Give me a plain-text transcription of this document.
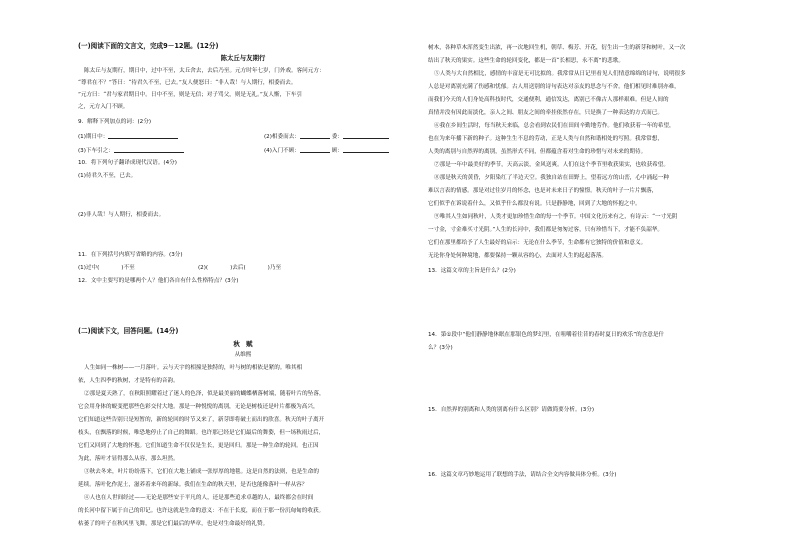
(一)阅读下面的文言文，完成9－12题。(12分)
陈太丘与友期行
陈太丘与友期行，期日中，过中不至，太丘舍去，去后乃至。元方时年七岁，门外戏。客问元方：
“尊君在不？”答曰：“待君久不至，已去。”友人便怒曰：“非人哉！与人期行，相委而去。
”元方曰：“君与家君期日中。日中不至，则是无信；对子骂父，则是无礼。”友人惭，下车引
之，元方入门不顾。
9．解释下列加点的词：(2分)
(1)期日中：	(2)相委而去：	委：
(3)下车引之：	(4)入门不顾：	顾：
10．将下列句子翻译成现代汉语。(4分)
(1)待君久不至，已去。
(2)非人哉！与人期行，相委而去。
11．在下列括号内填写省略的内容。(3分)
(1)过中(	)不至	(2)(	)去后(	)乃至
12．文中主要写的是哪两个人？他们各自有什么性格特点？(3分)
(二)阅读下文，回答问题。(14分)
秋　赋
从维熙
人生如同一株树——一月落叶。云与天宇的相撞是独特的，叶与树的相依是紧的。唯其相
依，人生四季的秋树，才是特有的音韵。
②那是夏天熟了，在秋阳照耀着过了迷人的色泽，似是最美丽的蝴蝶栖落树端，随着叶片的坠落，
它会用身体的蜕变把那些色彩交付大地。那是一种悦悦的离别，无论是树枝还是叶片都极为高兴，
它们知道这些告别只是短暂的，新的轮回的时节又来了，新芽即将破土而出的欣喜。秋天的叶子离开
枝头，在飘落的时候，唯恐地停止了自己的舞蹈。也许那已经是它们最后的舞姿，但一场秋雨过后，
它们又回到了大地的怀抱。它们知道生命不仅仅是生长，更是回归。那是一种生命的轮回。也正因
为此，落叶才显得那么从容，那么坦然。
③秋去冬来，叶片纷纷落下，它们在大地上铺成一张厚厚的地毯。这是自然的法则，也是生命的
延续。落叶化作泥土，滋养着来年的新绿。我们在生命的秋天里，是否也能像落叶一样从容？
④人也在人世间经过——无论是那些安于平凡的人，还是那些追求卓越的人，最终都会在时间
的长河中留下属于自己的印记。也许这就是生命的意义：不在于长度，而在于那一份沉甸甸的收获。
枯萎了的叶子在秋风里飞舞，那是它们最后的华章，也是对生命最好的礼赞。
树木，各种草木浑然变生出浓，再一次地回生机，朝草、梅芳、开花，衍生出一生的新芽和树叶，又一次
结出了秋天的果实。这些生命的轮回变化，都是一首“长相思，永不离”的悲歌。
⑤人类与大自然相比，感情的丰富是无可比拟的。我常常从日记里看见人们情意绵绵的诗句，说明很多
人总是对离别充满了伤感和忧郁。古人用送别的诗句表达对亲友的思念与不舍。他们相见时难别亦难，
而我们今天的人们身处高科技时代，交通便利，通信发达，离别已不像古人那样艰难。但是人间的
真情并没有因此而淡化，亲人之间、朋友之间的牵挂依然存在，只是换了一种表达的方式而已。
⑥我在乡间生活时，每当秋天来临，总会看到农民们在田间辛勤地劳作。他们收获着一年的希望，
也在为来年播下新的种子。这种生生不息的劳动，正是人类与自然和谐相处的写照。我常常想，
人类的离别与自然界的离别，虽然形式不同，但都蕴含着对生命的珍惜与对未来的期待。
⑦那是一年中最美好的季节，天高云淡，金风送爽。人们在这个季节里收获果实，也收获希望。
⑧那是秋天的黄昏，夕阳染红了半边天空。我独自站在田野上，望着远方的山峦，心中涌起一种
难以言表的情感。那是对过往岁月的怀念，也是对未来日子的憧憬。秋天的叶子一片片飘落，
它们似乎在诉说着什么，又似乎什么都没有说。只是静静地，回到了大地的怀抱之中。
⑨唯其人生如同秋叶，人类才更加珍惜生命的每一个季节。中国文化历来有之，有诗云：“一寸光阴
一寸金，寸金难买寸光阴。”人生的长河中，我们都是匆匆过客，只有珍惜当下，才能不负韶华。
它们在那里都给予了人生最好的启示：无论在什么季节，生命都有它独特的价值和意义。
无论你身处何种境地，都要保持一颗从容的心，去面对人生的起起落落。
13．这篇文章的主旨是什么？(2分)
14．第①段中“他们静静地休眠在那银色的梦幻里，在咀嚼着往昔的春时夏日的欢乐”的含意是什
么？(3分)
15．自然界的别离和人类的别离有什么区别？请做简要分析。(3分)
16．这篇文章巧妙地运用了联想的手法，请结合全文内容做具体分析。(3分)
